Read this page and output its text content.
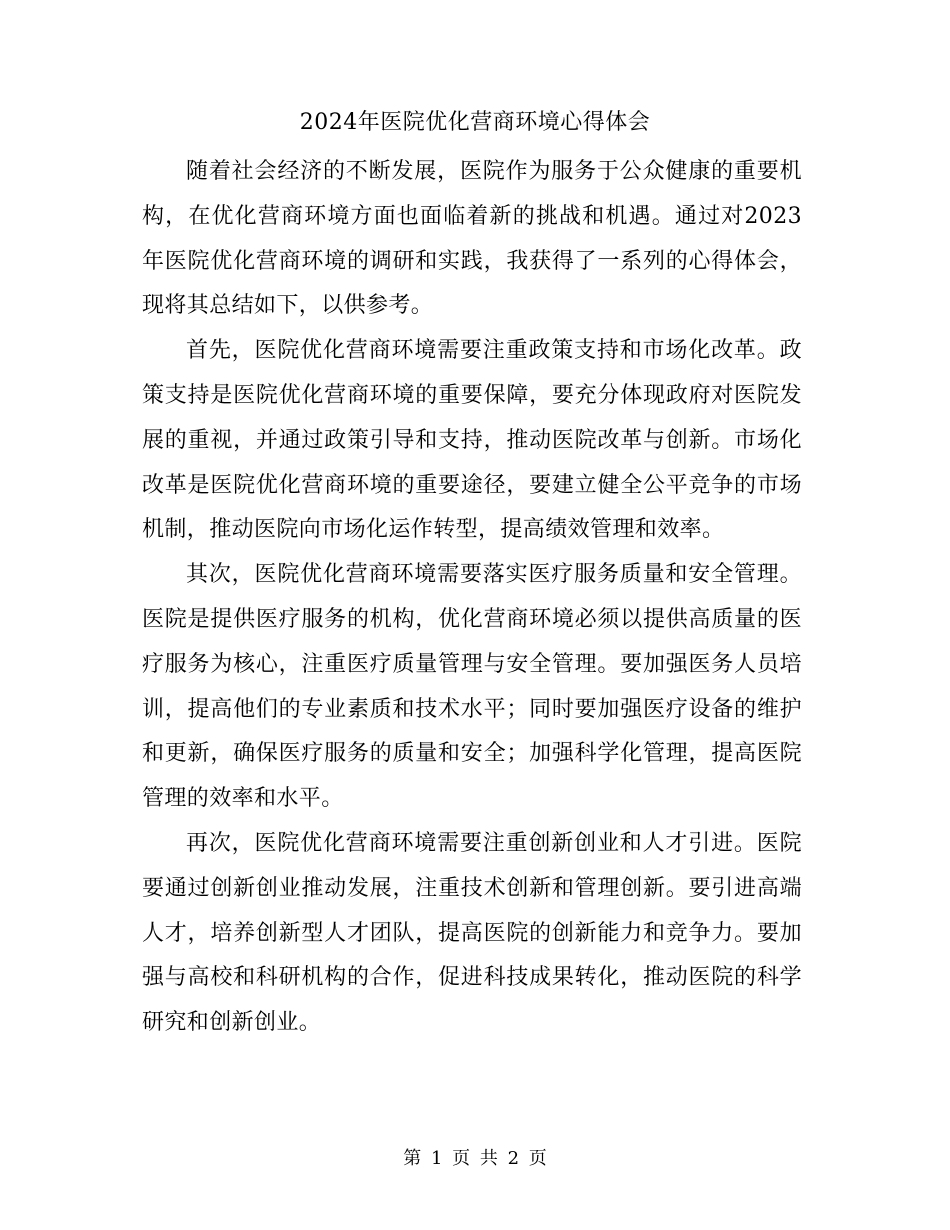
2024年医院优化营商环境心得体会

随着社会经济的不断发展，医院作为服务于公众健康的重要机构，在优化营商环境方面也面临着新的挑战和机遇。通过对2023年医院优化营商环境的调研和实践，我获得了一系列的心得体会，现将其总结如下，以供参考。

首先，医院优化营商环境需要注重政策支持和市场化改革。政策支持是医院优化营商环境的重要保障，要充分体现政府对医院发展的重视，并通过政策引导和支持，推动医院改革与创新。市场化改革是医院优化营商环境的重要途径，要建立健全公平竞争的市场机制，推动医院向市场化运作转型，提高绩效管理和效率。

其次，医院优化营商环境需要落实医疗服务质量和安全管理。医院是提供医疗服务的机构，优化营商环境必须以提供高质量的医疗服务为核心，注重医疗质量管理与安全管理。要加强医务人员培训，提高他们的专业素质和技术水平；同时要加强医疗设备的维护和更新，确保医疗服务的质量和安全；加强科学化管理，提高医院管理的效率和水平。

再次，医院优化营商环境需要注重创新创业和人才引进。医院要通过创新创业推动发展，注重技术创新和管理创新。要引进高端人才，培养创新型人才团队，提高医院的创新能力和竞争力。要加强与高校和科研机构的合作，促进科技成果转化，推动医院的科学研究和创新创业。

第 1 页 共 2 页
